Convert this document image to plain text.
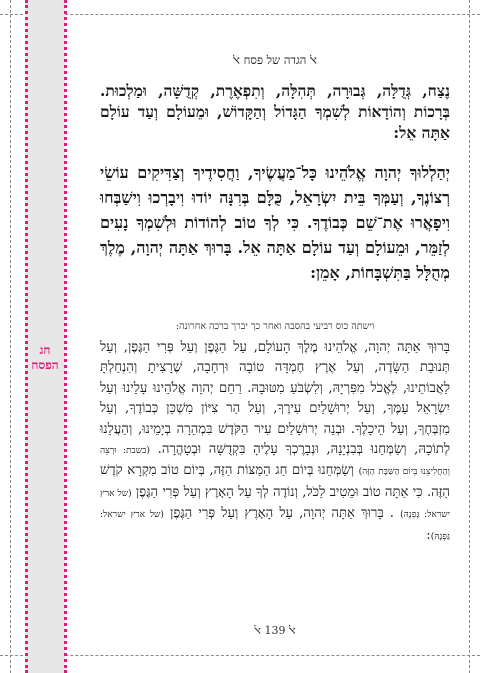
חג
הפסח
ﭏ הגדה של פסח ﭏ
נֶצַח, גְּדֻלָּה, גְּבוּרָה, תְּהִלָּה, וְתִפְאֶרֶת, קְדֻשָּׁה, וּמַלְכוּת. בְּרָכוֹת וְהוֹדָאוֹת לְשִׁמְךָ הַגָּדוֹל וְהַקָּדוֹשׁ, וּמֵעוֹלָם וְעַד עוֹלָם אַתָּה אֵל:
יְהַלְלוּךָ יְהוָה אֱלֹהֵינוּ כָּל־מַעֲשֶׂיךָ, וַחֲסִידֶיךָ וְצַדִּיקִים עוֹשֵׂי רְצוֹנֶךָ, וְעַמְּךָ בֵּית יִשְׂרָאֵל, כֻּלָּם בְּרִנָּה יוֹדוּ וִיבָרְכוּ וִישַׁבְּחוּ וִיפָאֲרוּ אֶת־שֵׁם כְּבוֹדֶךָ. כִּי לְךָ טוֹב לְהוֹדוֹת וּלְשִׁמְךָ נָעִים לְזַמֵּר, וּמֵעוֹלָם וְעַד עוֹלָם אַתָּה אֵל. בָּרוּךְ אַתָּה יְהוָה, מֶלֶךְ מְהֻלָּל בַּתִּשְׁבָּחוֹת, אָמֵן:
וישתה כוס רביעי בהסבה ואחר כך יברך ברכה אחרונה:
בָּרוּךְ אַתָּה יְהוָה, אֱלֹהֵינוּ מֶלֶךְ הָעוֹלָם, עַל הַגֶּפֶן וְעַל פְּרִי הַגֶּפֶן, וְעַל תְּנוּבַת הַשָּׂדֶה, וְעַל אֶרֶץ חֶמְדָּה טוֹבָה וּרְחָבָה, שֶׁרָצִיתָ וְהִנְחַלְתָּ לַאֲבוֹתֵינוּ, לֶאֱכֹל מִפִּרְיָהּ, וְלִשְׂבֹּעַ מִטּוּבָהּ. רַחֵם יְהוָה אֱלֹהֵינוּ עָלֵינוּ וְעַל יִשְׂרָאֵל עַמֶּךָ, וְעַל יְרוּשָׁלַיִם עִירֶךָ, וְעַל הַר צִיּוֹן מִשְׁכַּן כְּבוֹדֶךָ, וְעַל מִזְבְּחֶךָ, וְעַל הֵיכָלֶךָ. וּבְנֵה יְרוּשָׁלַיִם עִיר הַקֹּדֶשׁ בִּמְהֵרָה בְיָמֵינוּ, וְהַעֲלֵנוּ לְתוֹכָהּ, וְשַׂמְּחֵנוּ בְּבִנְיָנָהּ, וּנְבָרֶכְךָ עָלֶיהָ בִּקְדֻשָּׁה וּבְטָהֳרָה. (בשבת: וּרְצֵה וְהַחֲלִיצֵנוּ בְּיוֹם הַשַּׁבָּת הַזֶּה) וְשַׂמְּחֵנוּ בְּיוֹם חַג הַמַּצּוֹת הַזֶּה, בְּיוֹם טוֹב מִקְרָא קֹדֶשׁ הַזֶּה. כִּי אַתָּה טוֹב וּמֵטִיב לַכֹּל, וְנוֹדֶה לְךָ עַל הָאָרֶץ וְעַל פְּרִי הַגֶּפֶן (של ארץ ישראל: גַּפְנָהּ) . בָּרוּךְ אַתָּה יְהוָה, עַל הָאָרֶץ וְעַל פְּרִי הַגֶּפֶן (של ארץ ישראל: גַּפְנָהּ):
ﭏ 139 ﭏ
